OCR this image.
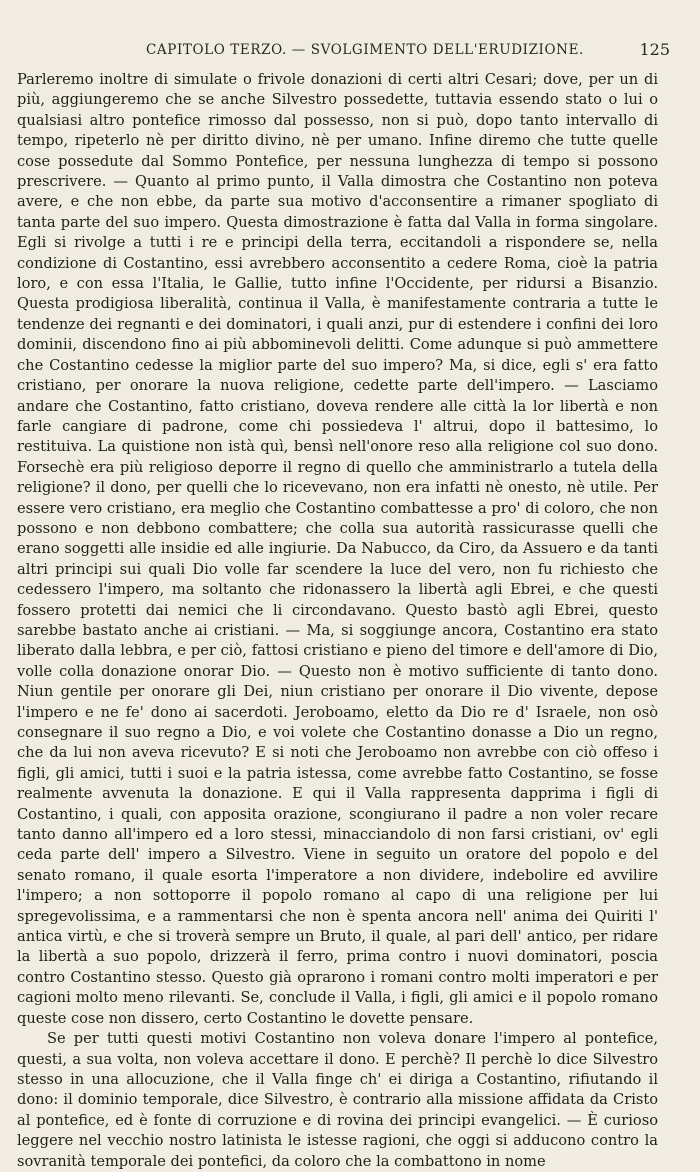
CAPITOLO TERZO. — SVOLGIMENTO DELL'ERUDIZIONE.	125

Parleremo inoltre di simulate o frivole donazioni di certi altri Cesari; dove, per un di più, aggiungeremo che se anche Silvestro possedette, tuttavia essendo stato o lui o qualsiasi altro pontefice rimosso dal possesso, non si può, dopo tanto intervallo di tempo, ripeterlo nè per diritto divino, nè per umano. Infine diremo che tutte quelle cose possedute dal Sommo Pontefice, per nessuna lunghezza di tempo si possono prescrivere. — Quanto al primo punto, il Valla dimostra che Costantino non poteva avere, e che non ebbe, da parte sua motivo d'acconsentire a rimaner spogliato di tanta parte del suo impero. Questa dimostrazione è fatta dal Valla in forma singolare. Egli si rivolge a tutti i re e principi della terra, eccitandoli a rispondere se, nella condizione di Costantino, essi avrebbero acconsentito a cedere Roma, cioè la patria loro, e con essa l'Italia, le Gallie, tutto infine l'Occidente, per ridursi a Bisanzio. Questa prodigiosa liberalità, continua il Valla, è manifestamente contraria a tutte le tendenze dei regnanti e dei dominatori, i quali anzi, pur di estendere i confini dei loro dominii, discendono fino ai più abbominevoli delitti. Come adunque si può ammettere che Costantino cedesse la miglior parte del suo impero? Ma, si dice, egli s' era fatto cristiano, per onorare la nuova religione, cedette parte dell'impero. — Lasciamo andare che Costantino, fatto cristiano, doveva rendere alle città la lor libertà e non farle cangiare di padrone, come chi possiedeva l' altrui, dopo il battesimo, lo restituiva. La quistione non istà quì, bensì nell'onore reso alla religione col suo dono. Forsechè era più religioso deporre il regno di quello che amministrarlo a tutela della religione? il dono, per quelli che lo ricevevano, non era infatti nè onesto, nè utile. Per essere vero cristiano, era meglio che Costantino combattesse a pro' di coloro, che non possono e non debbono combattere; che colla sua autorità rassicurasse quelli che erano soggetti alle insidie ed alle ingiurie. Da Nabucco, da Ciro, da Assuero e da tanti altri principi sui quali Dio volle far scendere la luce del vero, non fu richiesto che cedessero l'impero, ma soltanto che ridonassero la libertà agli Ebrei, e che questi fossero protetti dai nemici che li circondavano. Questo bastò agli Ebrei, questo sarebbe bastato anche ai cristiani. — Ma, si soggiunge ancora, Costantino era stato liberato dalla lebbra, e per ciò, fattosi cristiano e pieno del timore e dell'amore di Dio, volle colla donazione onorar Dio. — Questo non è motivo sufficiente di tanto dono. Niun gentile per onorare gli Dei, niun cristiano per onorare il Dio vivente, depose l'impero e ne fe' dono ai sacerdoti. Jeroboamo, eletto da Dio re d' Israele, non osò consegnare il suo regno a Dio, e voi volete che Costantino donasse a Dio un regno, che da lui non aveva ricevuto? E si noti che Jeroboamo non avrebbe con ciò offeso i figli, gli amici, tutti i suoi e la patria istessa, come avrebbe fatto Costantino, se fosse realmente avvenuta la donazione. E qui il Valla rappresenta dapprima i figli di Costantino, i quali, con apposita orazione, scongiurano il padre a non voler recare tanto danno all'impero ed a loro stessi, minacciandolo di non farsi cristiani, ov' egli ceda parte dell' impero a Silvestro. Viene in seguito un oratore del popolo e del senato romano, il quale esorta l'imperatore a non dividere, indebolire ed avvilire l'impero; a non sottoporre il popolo romano al capo di una religione per lui spregevolissima, e a rammentarsi che non è spenta ancora nell' anima dei Quiriti l' antica virtù, e che si troverà sempre un Bruto, il quale, al pari dell' antico, per ridare la libertà a suo popolo, drizzerà il ferro, prima contro i nuovi dominatori, poscia contro Costantino stesso. Questo già oprarono i romani contro molti imperatori e per cagioni molto meno rilevanti. Se, conclude il Valla, i figli, gli amici e il popolo romano queste cose non dissero, certo Costantino le dovette pensare.

Se per tutti questi motivi Costantino non voleva donare l'impero al pontefice, questi, a sua volta, non voleva accettare il dono. E perchè? Il perchè lo dice Silvestro stesso in una allocuzione, che il Valla finge ch' ei diriga a Costantino, rifiutando il dono: il dominio temporale, dice Silvestro, è contrario alla missione affidata da Cristo al pontefice, ed è fonte di corruzione e di rovina dei principi evangelici. — È curioso leggere nel vecchio nostro latinista le istesse ragioni, che oggi si adducono contro la sovranità temporale dei pontefici, da coloro che la combattono in nome
